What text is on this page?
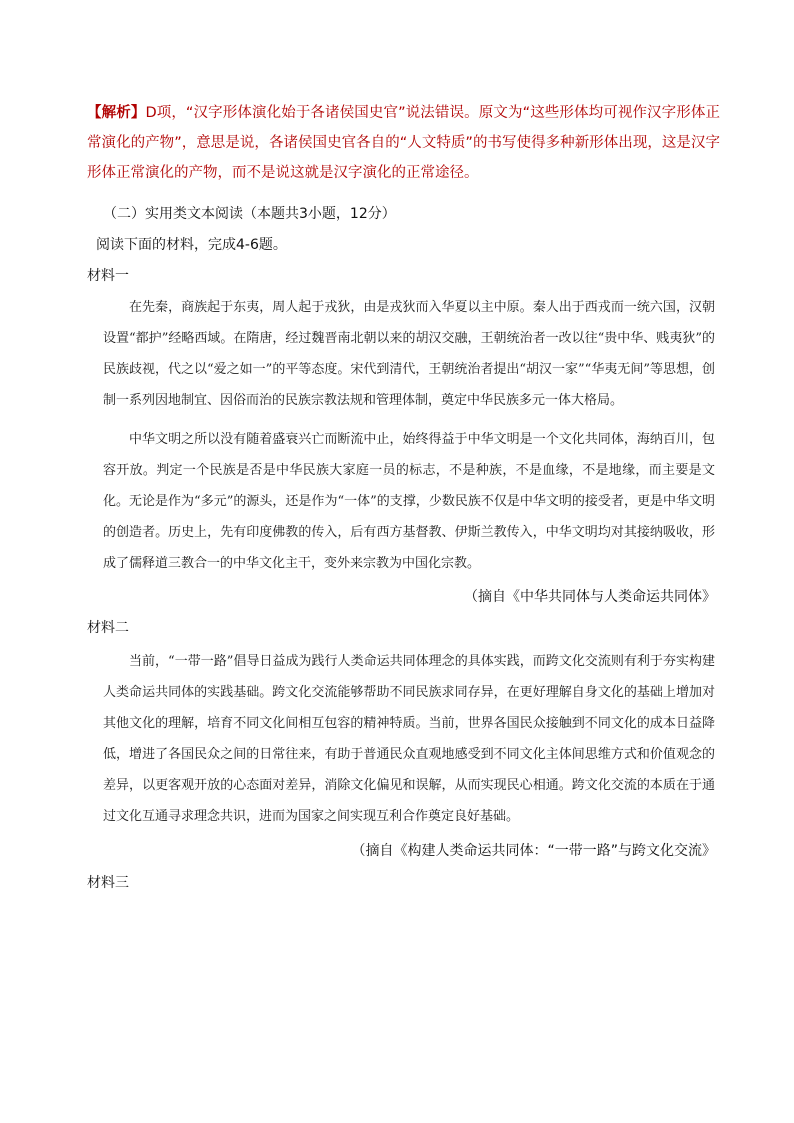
【解析】D项，“汉字形体演化始于各诸侯国史官”说法错误。原文为“这些形体均可视作汉字形体正常演化的产物”，意思是说，各诸侯国史官各自的“人文特质”的书写使得多种新形体出现，这是汉字形体正常演化的产物，而不是说这就是汉字演化的正常途径。
（二）实用类文本阅读（本题共3小题，12分）
阅读下面的材料，完成4-6题。
材料一
在先秦，商族起于东夷，周人起于戎狄，由是戎狄而入华夏以主中原。秦人出于西戎而一统六国，汉朝设置“都护”经略西域。在隋唐，经过魏晋南北朝以来的胡汉交融，王朝统治者一改以往“贵中华、贱夷狄”的民族歧视，代之以“爱之如一”的平等态度。宋代到清代，王朝统治者提出“胡汉一家”“华夷无间”等思想，创制一系列因地制宜、因俗而治的民族宗教法规和管理体制，奠定中华民族多元一体大格局。
中华文明之所以没有随着盛衰兴亡而断流中止，始终得益于中华文明是一个文化共同体，海纳百川，包容开放。判定一个民族是否是中华民族大家庭一员的标志，不是种族，不是血缘，不是地缘，而主要是文化。无论是作为“多元”的源头，还是作为“一体”的支撑，少数民族不仅是中华文明的接受者，更是中华文明的创造者。历史上，先有印度佛教的传入，后有西方基督教、伊斯兰教传入，中华文明均对其接纳吸收，形成了儒释道三教合一的中华文化主干，变外来宗教为中国化宗教。
（摘自《中华共同体与人类命运共同体》
材料二
当前，“一带一路”倡导日益成为践行人类命运共同体理念的具体实践，而跨文化交流则有利于夯实构建人类命运共同体的实践基础。跨文化交流能够帮助不同民族求同存异，在更好理解自身文化的基础上增加对其他文化的理解，培育不同文化间相互包容的精神特质。当前，世界各国民众接触到不同文化的成本日益降低，增进了各国民众之间的日常往来，有助于普通民众直观地感受到不同文化主体间思维方式和价值观念的差异，以更客观开放的心态面对差异，消除文化偏见和误解，从而实现民心相通。跨文化交流的本质在于通过文化互通寻求理念共识，进而为国家之间实现互利合作奠定良好基础。
（摘自《构建人类命运共同体：“一带一路”与跨文化交流》
材料三
